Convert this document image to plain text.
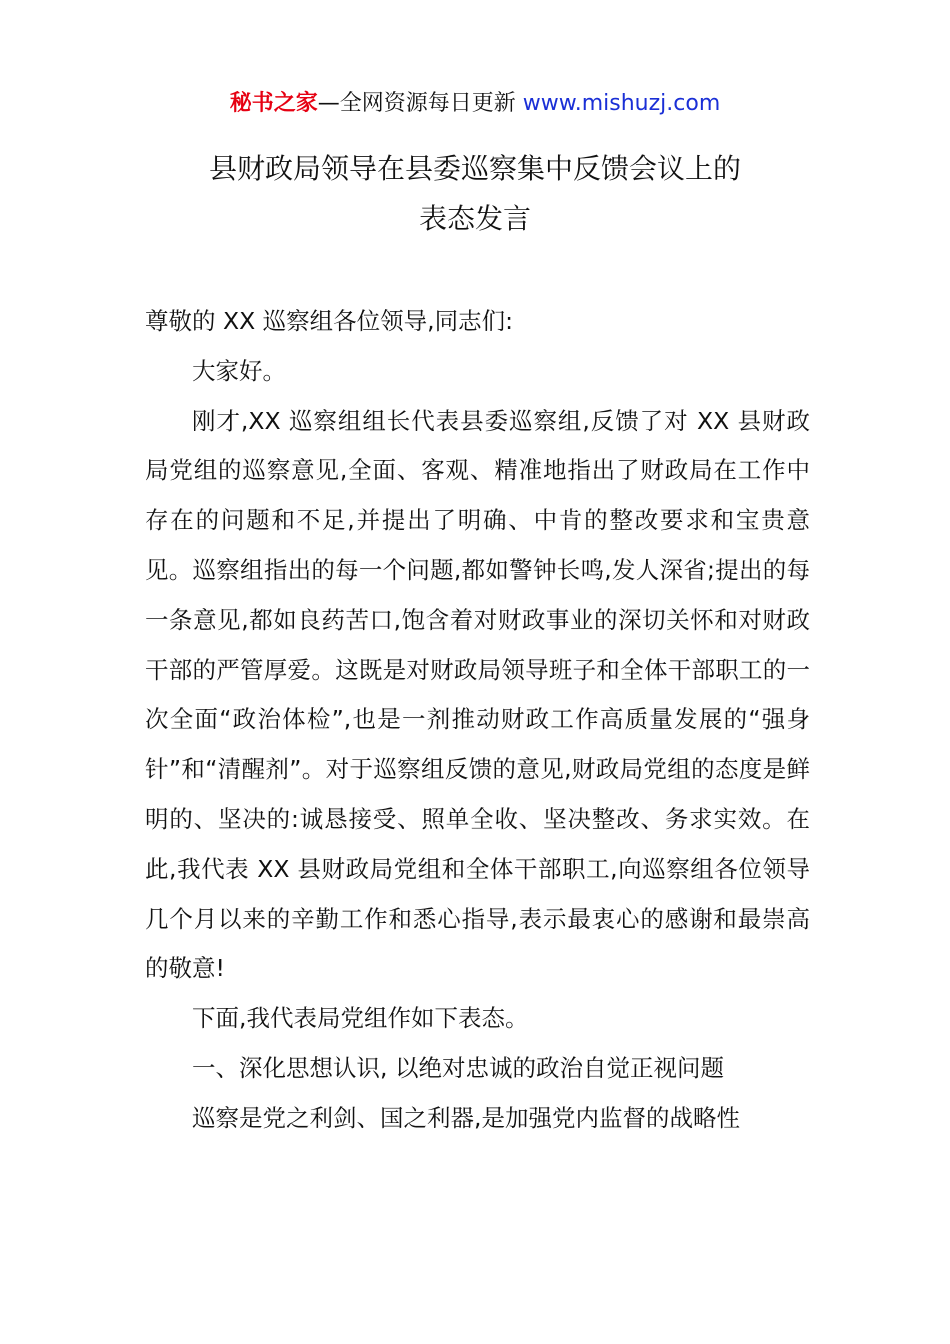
秘书之家—全网资源每日更新 www.mishuzj.com
县财政局领导在县委巡察集中反馈会议上的
表态发言

尊敬的 XX 巡察组各位领导,同志们:

大家好。

刚才,XX 巡察组组长代表县委巡察组,反馈了对 XX 县财政局党组的巡察意见,全面、客观、精准地指出了财政局在工作中存在的问题和不足,并提出了明确、中肯的整改要求和宝贵意见。巡察组指出的每一个问题,都如警钟长鸣,发人深省;提出的每一条意见,都如良药苦口,饱含着对财政事业的深切关怀和对财政干部的严管厚爱。这既是对财政局领导班子和全体干部职工的一次全面“政治体检”,也是一剂推动财政工作高质量发展的“强身针”和“清醒剂”。对于巡察组反馈的意见,财政局党组的态度是鲜明的、坚决的:诚恳接受、照单全收、坚决整改、务求实效。在此,我代表 XX 县财政局党组和全体干部职工,向巡察组各位领导几个月以来的辛勤工作和悉心指导,表示最衷心的感谢和最崇高的敬意!

下面,我代表局党组作如下表态。

一、深化思想认识, 以绝对忠诚的政治自觉正视问题

巡察是党之利剑、国之利器,是加强党内监督的战略性
